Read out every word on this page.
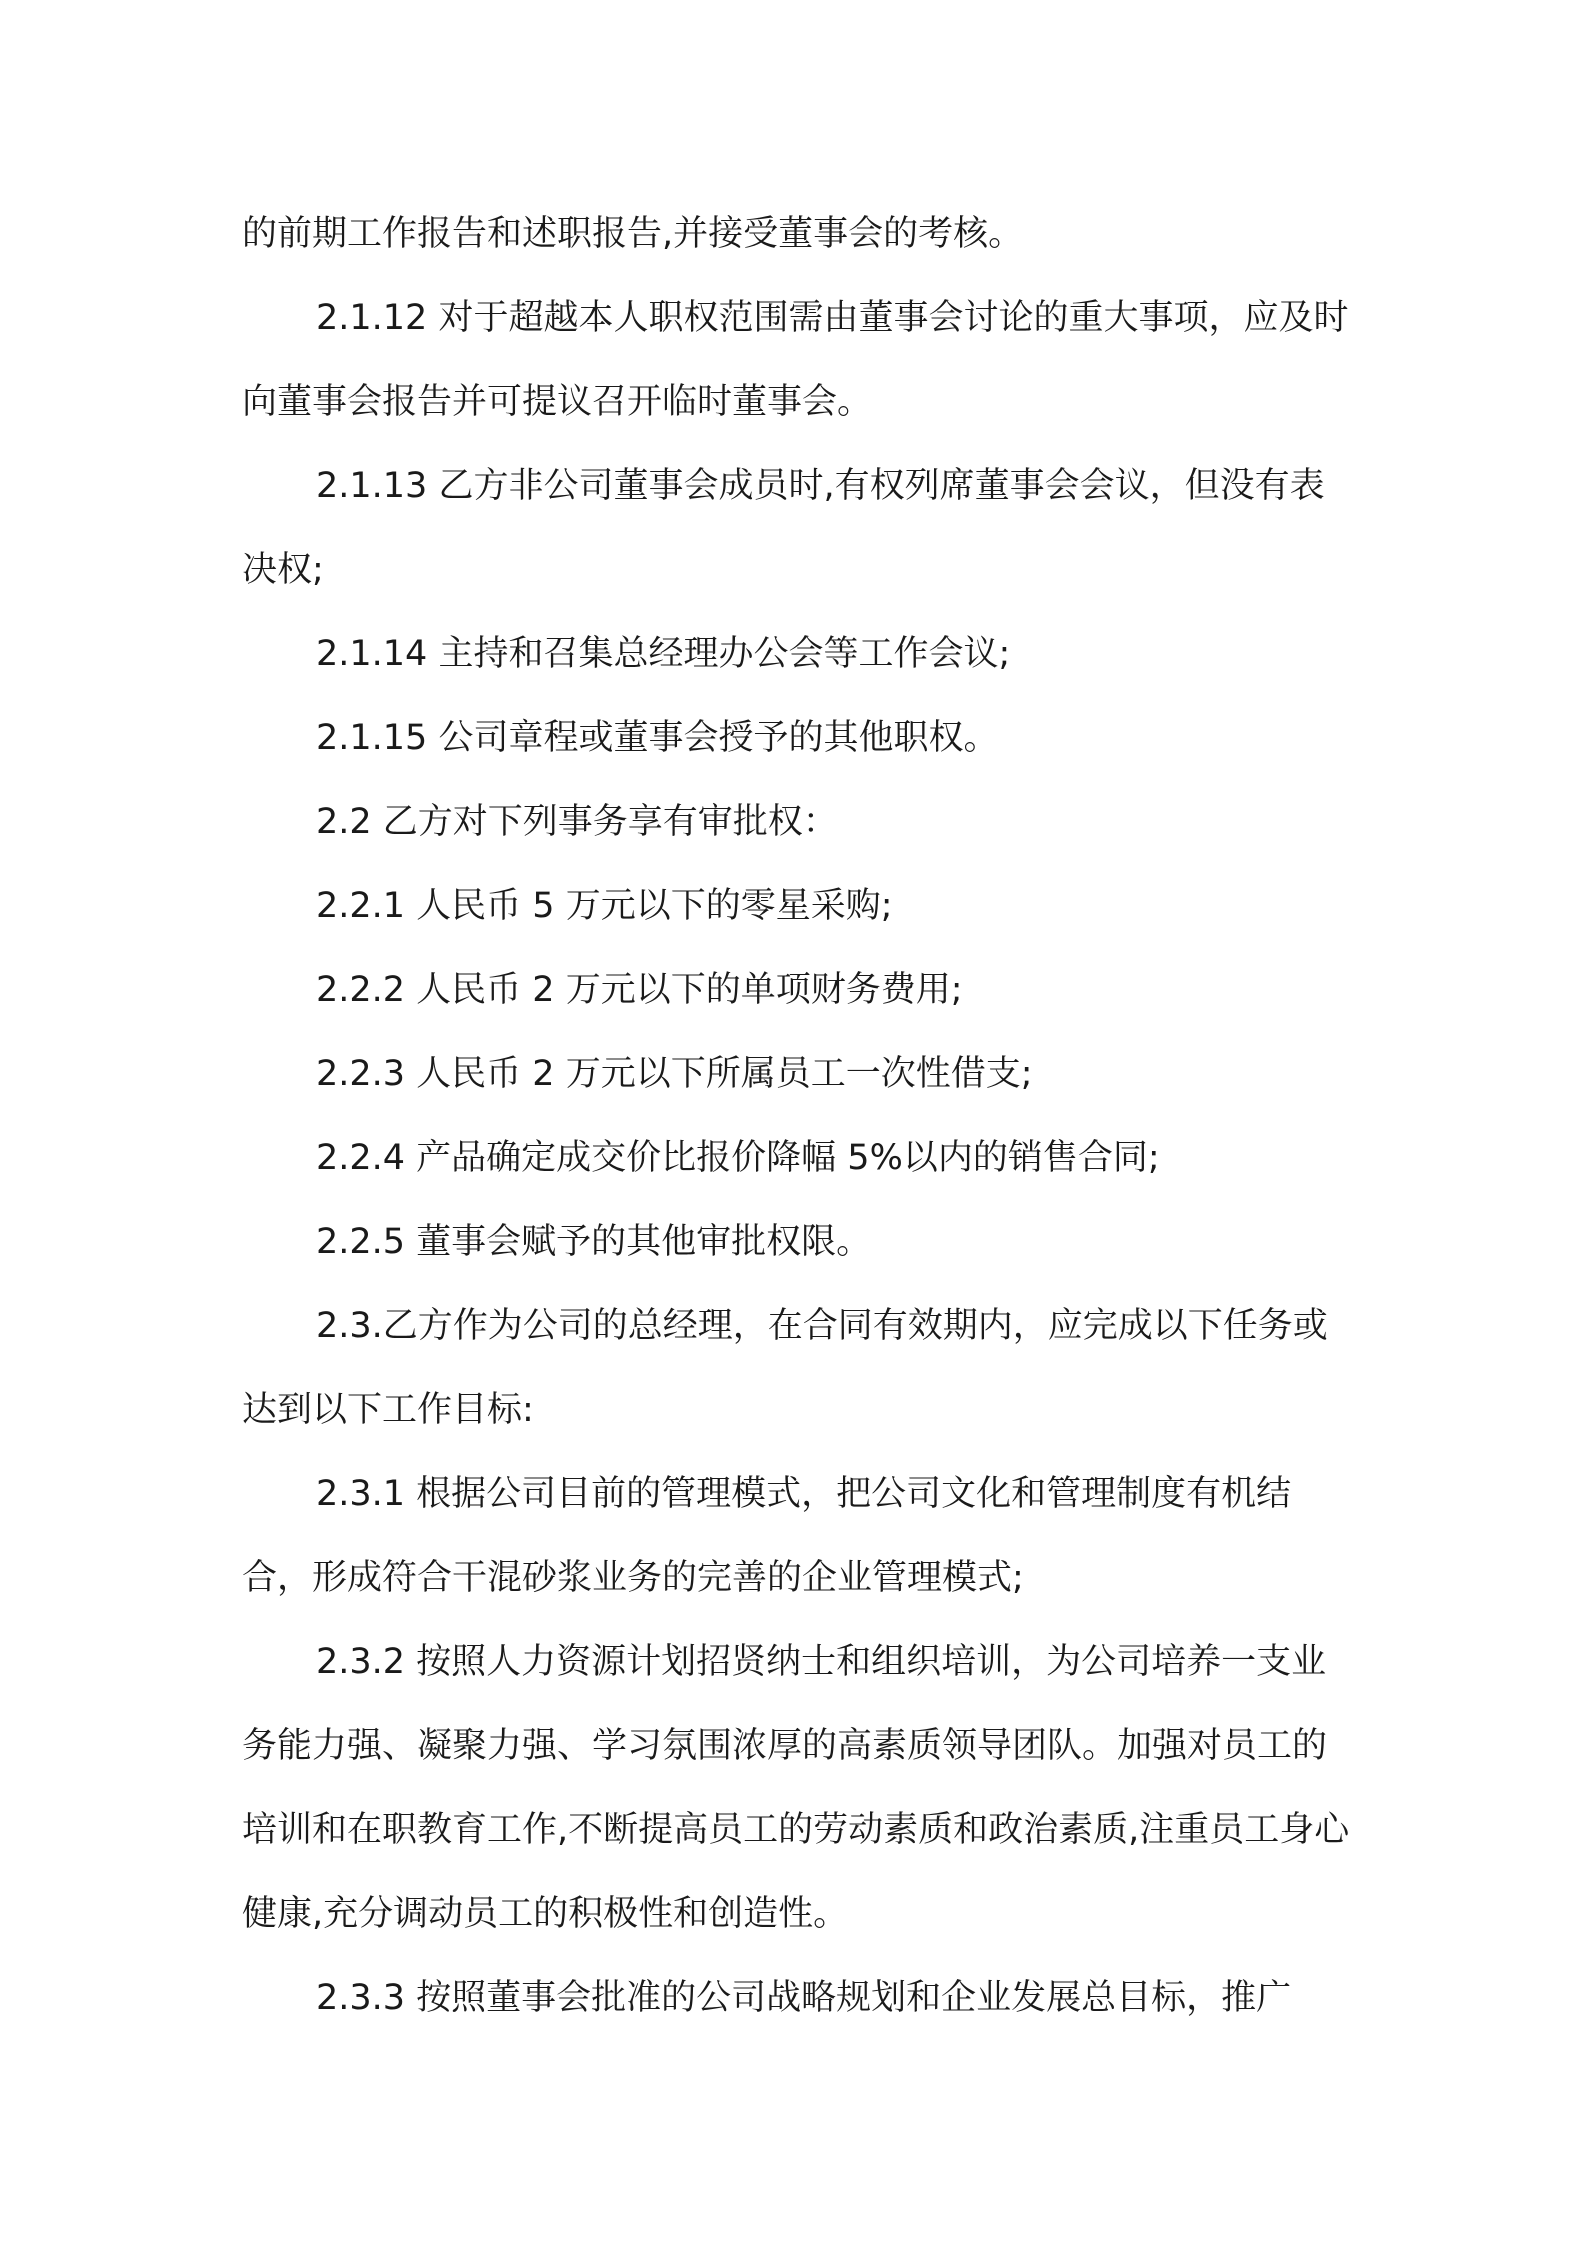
的前期工作报告和述职报告,并接受董事会的考核。

2.1.12 对于超越本人职权范围需由董事会讨论的重大事项，应及时向董事会报告并可提议召开临时董事会。

2.1.13 乙方非公司董事会成员时,有权列席董事会会议，但没有表决权;

2.1.14 主持和召集总经理办公会等工作会议;

2.1.15 公司章程或董事会授予的其他职权。

2.2 乙方对下列事务享有审批权：

2.2.1 人民币 5 万元以下的零星采购;

2.2.2 人民币 2 万元以下的单项财务费用;

2.2.3 人民币 2 万元以下所属员工一次性借支;

2.2.4 产品确定成交价比报价降幅 5%以内的销售合同;

2.2.5 董事会赋予的其他审批权限。

2.3.乙方作为公司的总经理，在合同有效期内，应完成以下任务或达到以下工作目标:

2.3.1 根据公司目前的管理模式，把公司文化和管理制度有机结合，形成符合干混砂浆业务的完善的企业管理模式;

2.3.2 按照人力资源计划招贤纳士和组织培训，为公司培养一支业务能力强、凝聚力强、学习氛围浓厚的高素质领导团队。加强对员工的培训和在职教育工作,不断提高员工的劳动素质和政治素质,注重员工身心健康,充分调动员工的积极性和创造性。

2.3.3 按照董事会批准的公司战略规划和企业发展总目标，推广
